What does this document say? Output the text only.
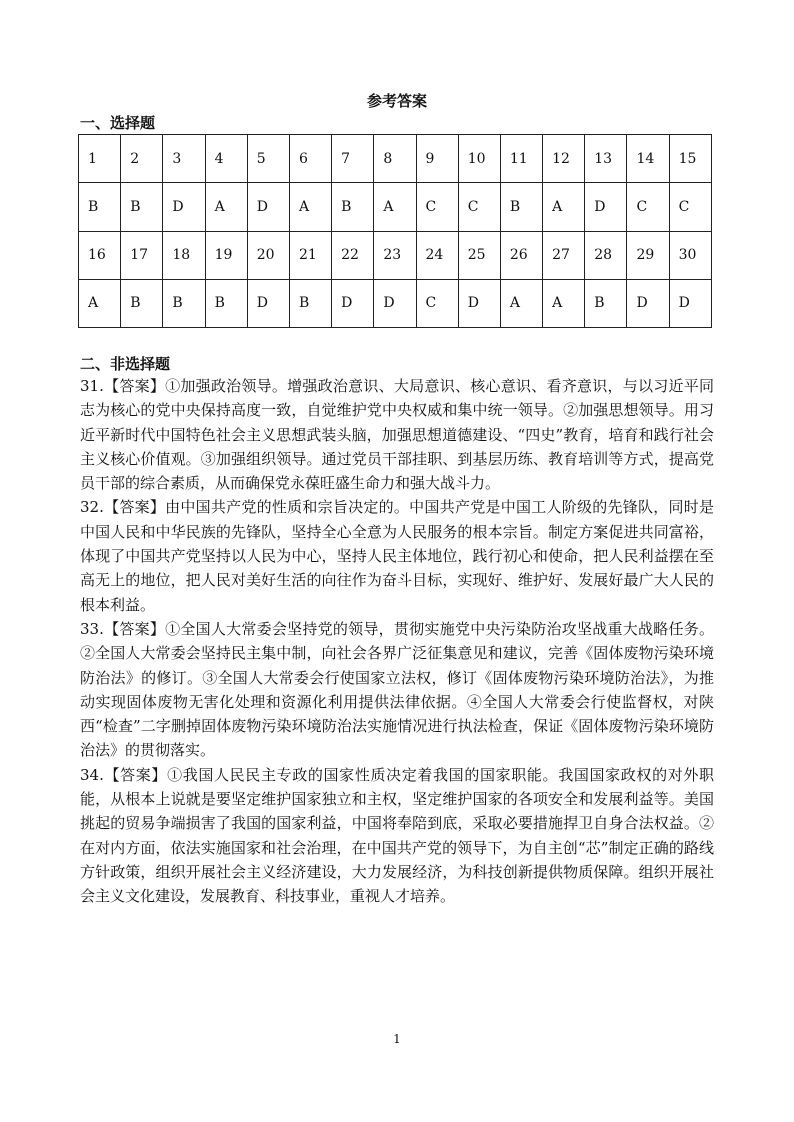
参考答案
一、选择题
1	2	3	4	5	6	7	8	9	10	11	12	13	14	15
B	B	D	A	D	A	B	A	C	C	B	A	D	C	C
16	17	18	19	20	21	22	23	24	25	26	27	28	29	30
A	B	B	B	D	B	D	D	C	D	A	A	B	D	D
二、非选择题

31.【答案】①加强政治领导。增强政治意识、大局意识、核心意识、看齐意识，与以习近平同志为核心的党中央保持高度一致，自觉维护党中央权威和集中统一领导。②加强思想领导。用习近平新时代中国特色社会主义思想武装头脑，加强思想道德建设、“四史”教育，培育和践行社会主义核心价值观。③加强组织领导。通过党员干部挂职、到基层历练、教育培训等方式，提高党员干部的综合素质，从而确保党永葆旺盛生命力和强大战斗力。

32.【答案】由中国共产党的性质和宗旨决定的。中国共产党是中国工人阶级的先锋队，同时是中国人民和中华民族的先锋队，坚持全心全意为人民服务的根本宗旨。制定方案促进共同富裕，体现了中国共产党坚持以人民为中心，坚持人民主体地位，践行初心和使命，把人民利益摆在至高无上的地位，把人民对美好生活的向往作为奋斗目标，实现好、维护好、发展好最广大人民的根本利益。

33.【答案】①全国人大常委会坚持党的领导，贯彻实施党中央污染防治攻坚战重大战略任务。②全国人大常委会坚持民主集中制，向社会各界广泛征集意见和建议，完善《固体废物污染环境防治法》的修订。③全国人大常委会行使国家立法权，修订《固体废物污染环境防治法》，为推动实现固体废物无害化处理和资源化利用提供法律依据。④全国人大常委会行使监督权，对陕西“检查”二字删掉固体废物污染环境防治法实施情况进行执法检查，保证《固体废物污染环境防治法》的贯彻落实。

34.【答案】①我国人民民主专政的国家性质决定着我国的国家职能。我国国家政权的对外职能，从根本上说就是要坚定维护国家独立和主权，坚定维护国家的各项安全和发展利益等。美国挑起的贸易争端损害了我国的国家利益，中国将奉陪到底，采取必要措施捍卫自身合法权益。②在对内方面，依法实施国家和社会治理，在中国共产党的领导下，为自主创“芯”制定正确的路线方针政策，组织开展社会主义经济建设，大力发展经济，为科技创新提供物质保障。组织开展社会主义文化建设，发展教育、科技事业，重视人才培养。

1
